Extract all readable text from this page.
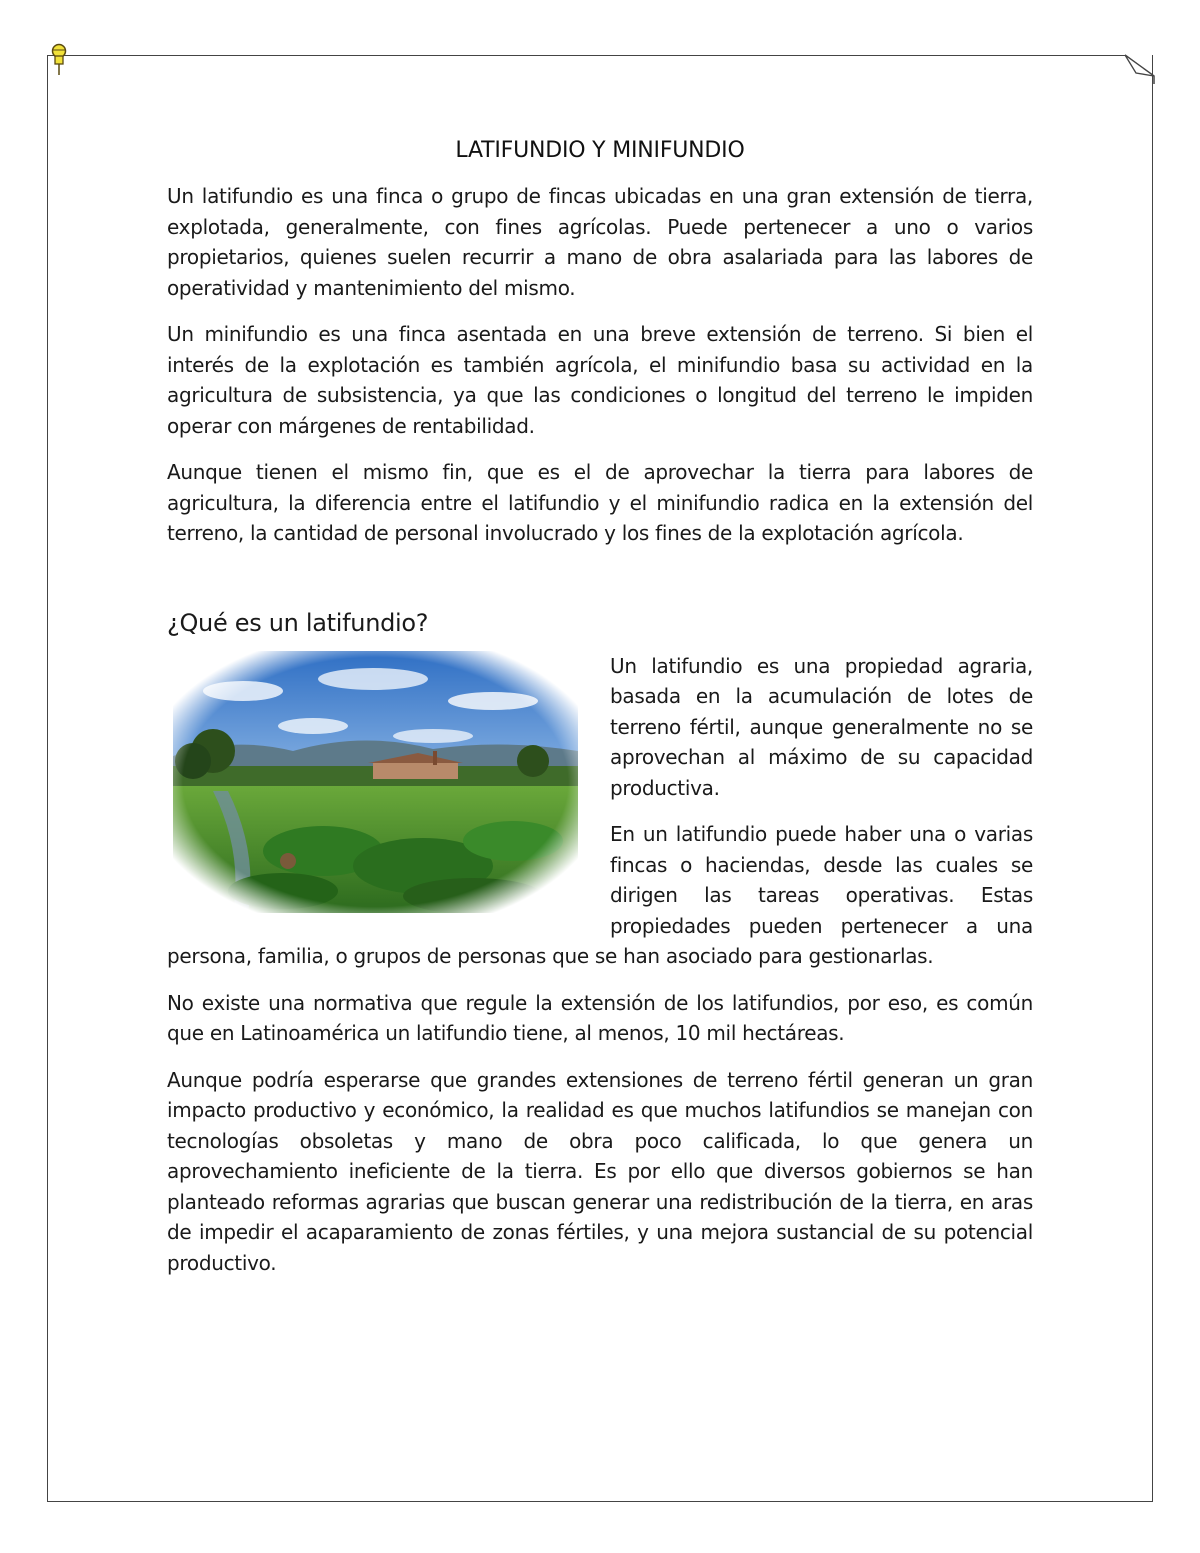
LATIFUNDIO Y MINIFUNDIO

Un latifundio es una finca o grupo de fincas ubicadas en una gran extensión de tierra, explotada, generalmente, con fines agrícolas. Puede pertenecer a uno o varios propietarios, quienes suelen recurrir a mano de obra asalariada para las labores de operatividad y mantenimiento del mismo.

Un minifundio es una finca asentada en una breve extensión de terreno. Si bien el interés de la explotación es también agrícola, el minifundio basa su actividad en la agricultura de subsistencia, ya que las condiciones o longitud del terreno le impiden operar con márgenes de rentabilidad.

Aunque tienen el mismo fin, que es el de aprovechar la tierra para labores de agricultura, la diferencia entre el latifundio y el minifundio radica en la extensión del terreno, la cantidad de personal involucrado y los fines de la explotación agrícola.

¿Qué es un latifundio?

Un latifundio es una propiedad agraria, basada en la acumulación de lotes de terreno fértil, aunque generalmente no se aprovechan al máximo de su capacidad productiva.

En un latifundio puede haber una o varias fincas o haciendas, desde las cuales se dirigen las tareas operativas. Estas propiedades pueden pertenecer a una persona, familia, o grupos de personas que se han asociado para gestionarlas.

No existe una normativa que regule la extensión de los latifundios, por eso, es común que en Latinoamérica un latifundio tiene, al menos, 10 mil hectáreas.

Aunque podría esperarse que grandes extensiones de terreno fértil generan un gran impacto productivo y económico, la realidad es que muchos latifundios se manejan con tecnologías obsoletas y mano de obra poco calificada, lo que genera un aprovechamiento ineficiente de la tierra. Es por ello que diversos gobiernos se han planteado reformas agrarias que buscan generar una redistribución de la tierra, en aras de impedir el acaparamiento de zonas fértiles, y una mejora sustancial de su potencial productivo.
